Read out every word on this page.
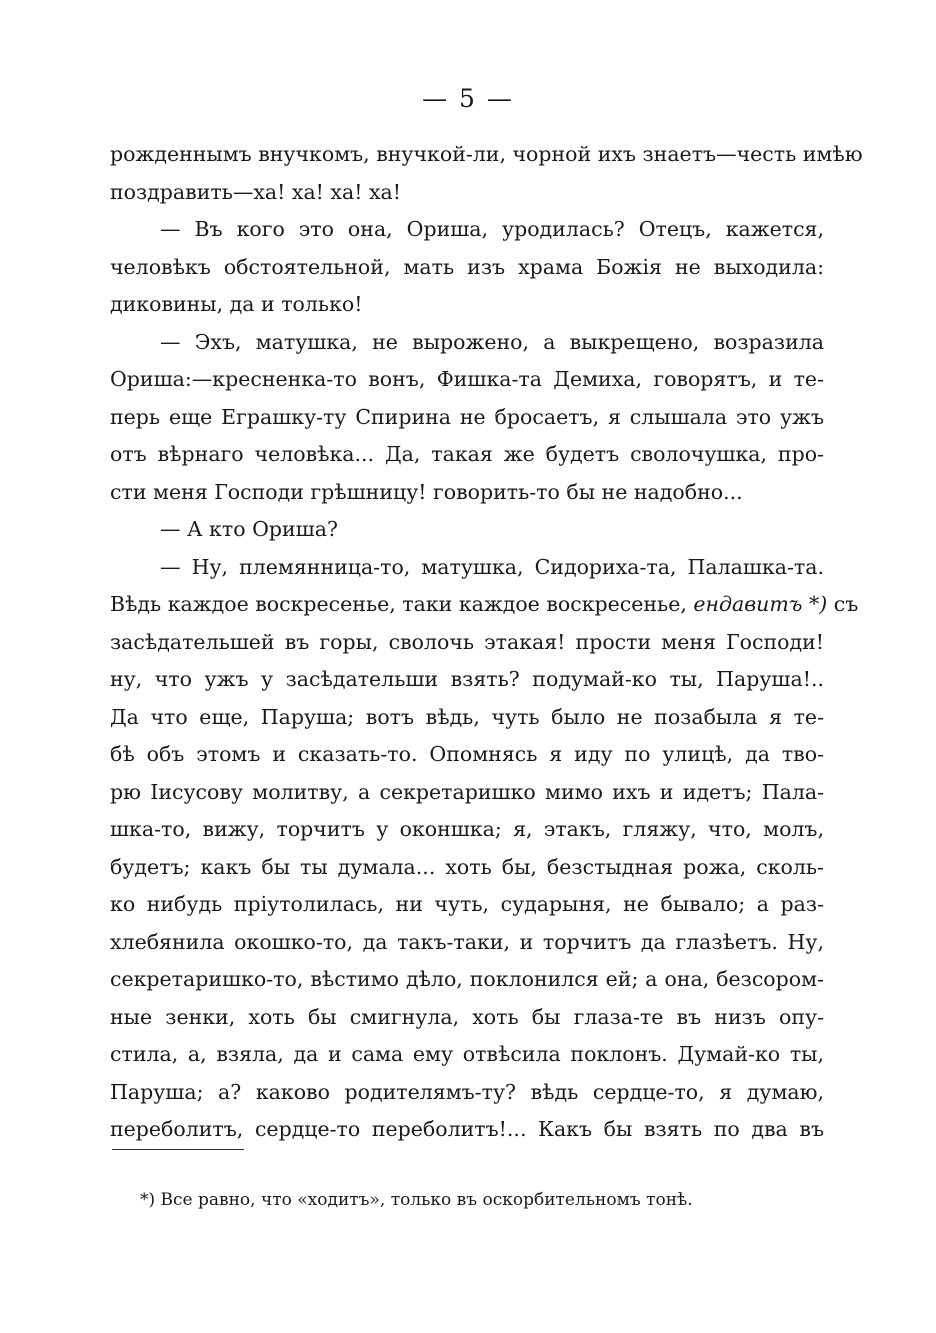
— 5 —
рожденнымъ внучкомъ, внучкой-ли, чорной ихъ знаетъ—честь имѣю
поздравить—ха! ха! ха! ха!
— Въ кого это она, Ориша, уродилась? Отецъ, кажется,
человѣкъ обстоятельной, мать изъ храма Божія не выходила:
диковины, да и только!
— Эхъ, матушка, не выроженo, а выкрещено, возразила
Ориша:—кресненка-то вонъ, Фишка-та Демиха, говорятъ, и те-
перь еще Еграшку-ту Спирина не бросаетъ, я слышала это ужъ
отъ вѣрнаго человѣка... Да, такая же будетъ сволочушка, про-
сти меня Господи грѣшницу! говорить-то бы не надобно...
— А кто Ориша?
— Ну, племянница-то, матушка, Сидориха-та, Палашка-та.
Вѣдь каждое воскресенье, таки каждое воскресенье, ендавитъ *) съ
засѣдательшей въ горы, сволочь этакая! прости меня Господи!
ну, что ужъ у засѣдательши взять? подумай-ко ты, Паруша!..
Да что еще, Паруша; вотъ вѣдь, чуть было не позабыла я те-
бѣ объ этомъ и сказать-то. Опомнясь я иду по улицѣ, да тво-
рю Іисусову молитву, а секретаришко мимо ихъ и идетъ; Пала-
шка-то, вижу, торчитъ у оконшка; я, этакъ, гляжу, что, молъ,
будетъ; какъ бы ты думала... хоть бы, безстыдная рожа, сколь-
ко нибудь пріутолилась, ни чуть, сударыня, не бывало; а раз-
хлебянила окошко-то, да такъ-таки, и торчитъ да глазѣетъ. Ну,
секретаришко-то, вѣстимо дѣло, поклонился ей; а она, безсором-
ные зенки, хоть бы смигнула, хоть бы глаза-те въ низъ опу-
стила, а, взяла, да и сама ему отвѣсила поклонъ. Думай-ко ты,
Паруша; а? каково родителямъ-ту? вѣдь сердце-то, я думаю,
переболитъ, сердце-то переболитъ!... Какъ бы взять по два въ
*) Все равно, что «ходитъ», только въ оскорбительномъ тонѣ.
